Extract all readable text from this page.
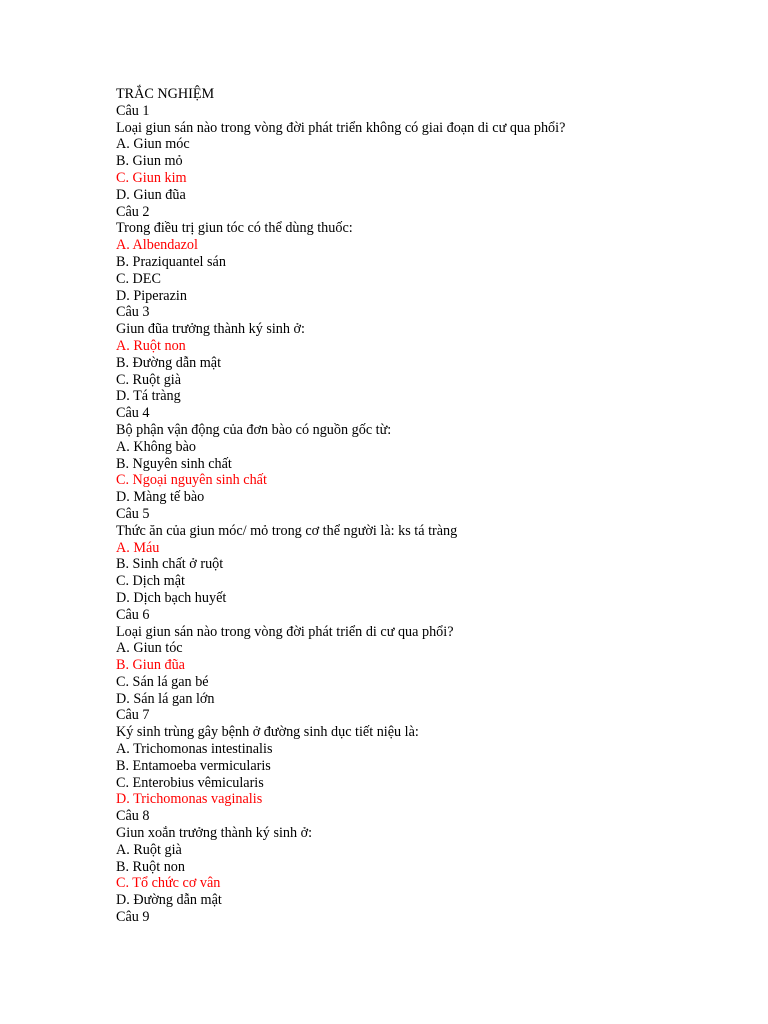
TRẮC NGHIỆM
Câu 1
Loại giun sán nào trong vòng đời phát triển không có giai đoạn di cư qua phổi?
A. Giun móc
B. Giun mỏ
C. Giun kim
D. Giun đũa
Câu 2
Trong điều trị giun tóc có thể dùng thuốc:
A. Albendazol
B. Praziquantel sán
C. DEC
D. Piperazin
Câu 3
Giun đũa trưởng thành ký sinh ở:
A. Ruột non
B. Đường dẫn mật
C. Ruột già
D. Tá tràng
Câu 4
Bộ phận vận động của đơn bào có nguồn gốc từ:
A. Không bào
B. Nguyên sinh chất
C. Ngoại nguyên sinh chất
D. Màng tế bào
Câu 5
Thức ăn của giun móc/ mỏ trong cơ thể người là: ks tá tràng
A. Máu
B. Sinh chất ở ruột
C. Dịch mật
D. Dịch bạch huyết
Câu 6
Loại giun sán nào trong vòng đời phát triển di cư qua phổi?
A. Giun tóc
B. Giun đũa
C. Sán lá gan bé
D. Sán lá gan lớn
Câu 7
Ký sinh trùng gây bệnh ở đường sinh dục tiết niệu là:
A. Trichomonas intestinalis
B. Entamoeba vermicularis
C. Enterobius vêmicularis
D. Trichomonas vaginalis
Câu 8
Giun xoắn trưởng thành ký sinh ở:
A. Ruột già
B. Ruột non
C. Tổ chức cơ vân
D. Đường dẫn mật
Câu 9
